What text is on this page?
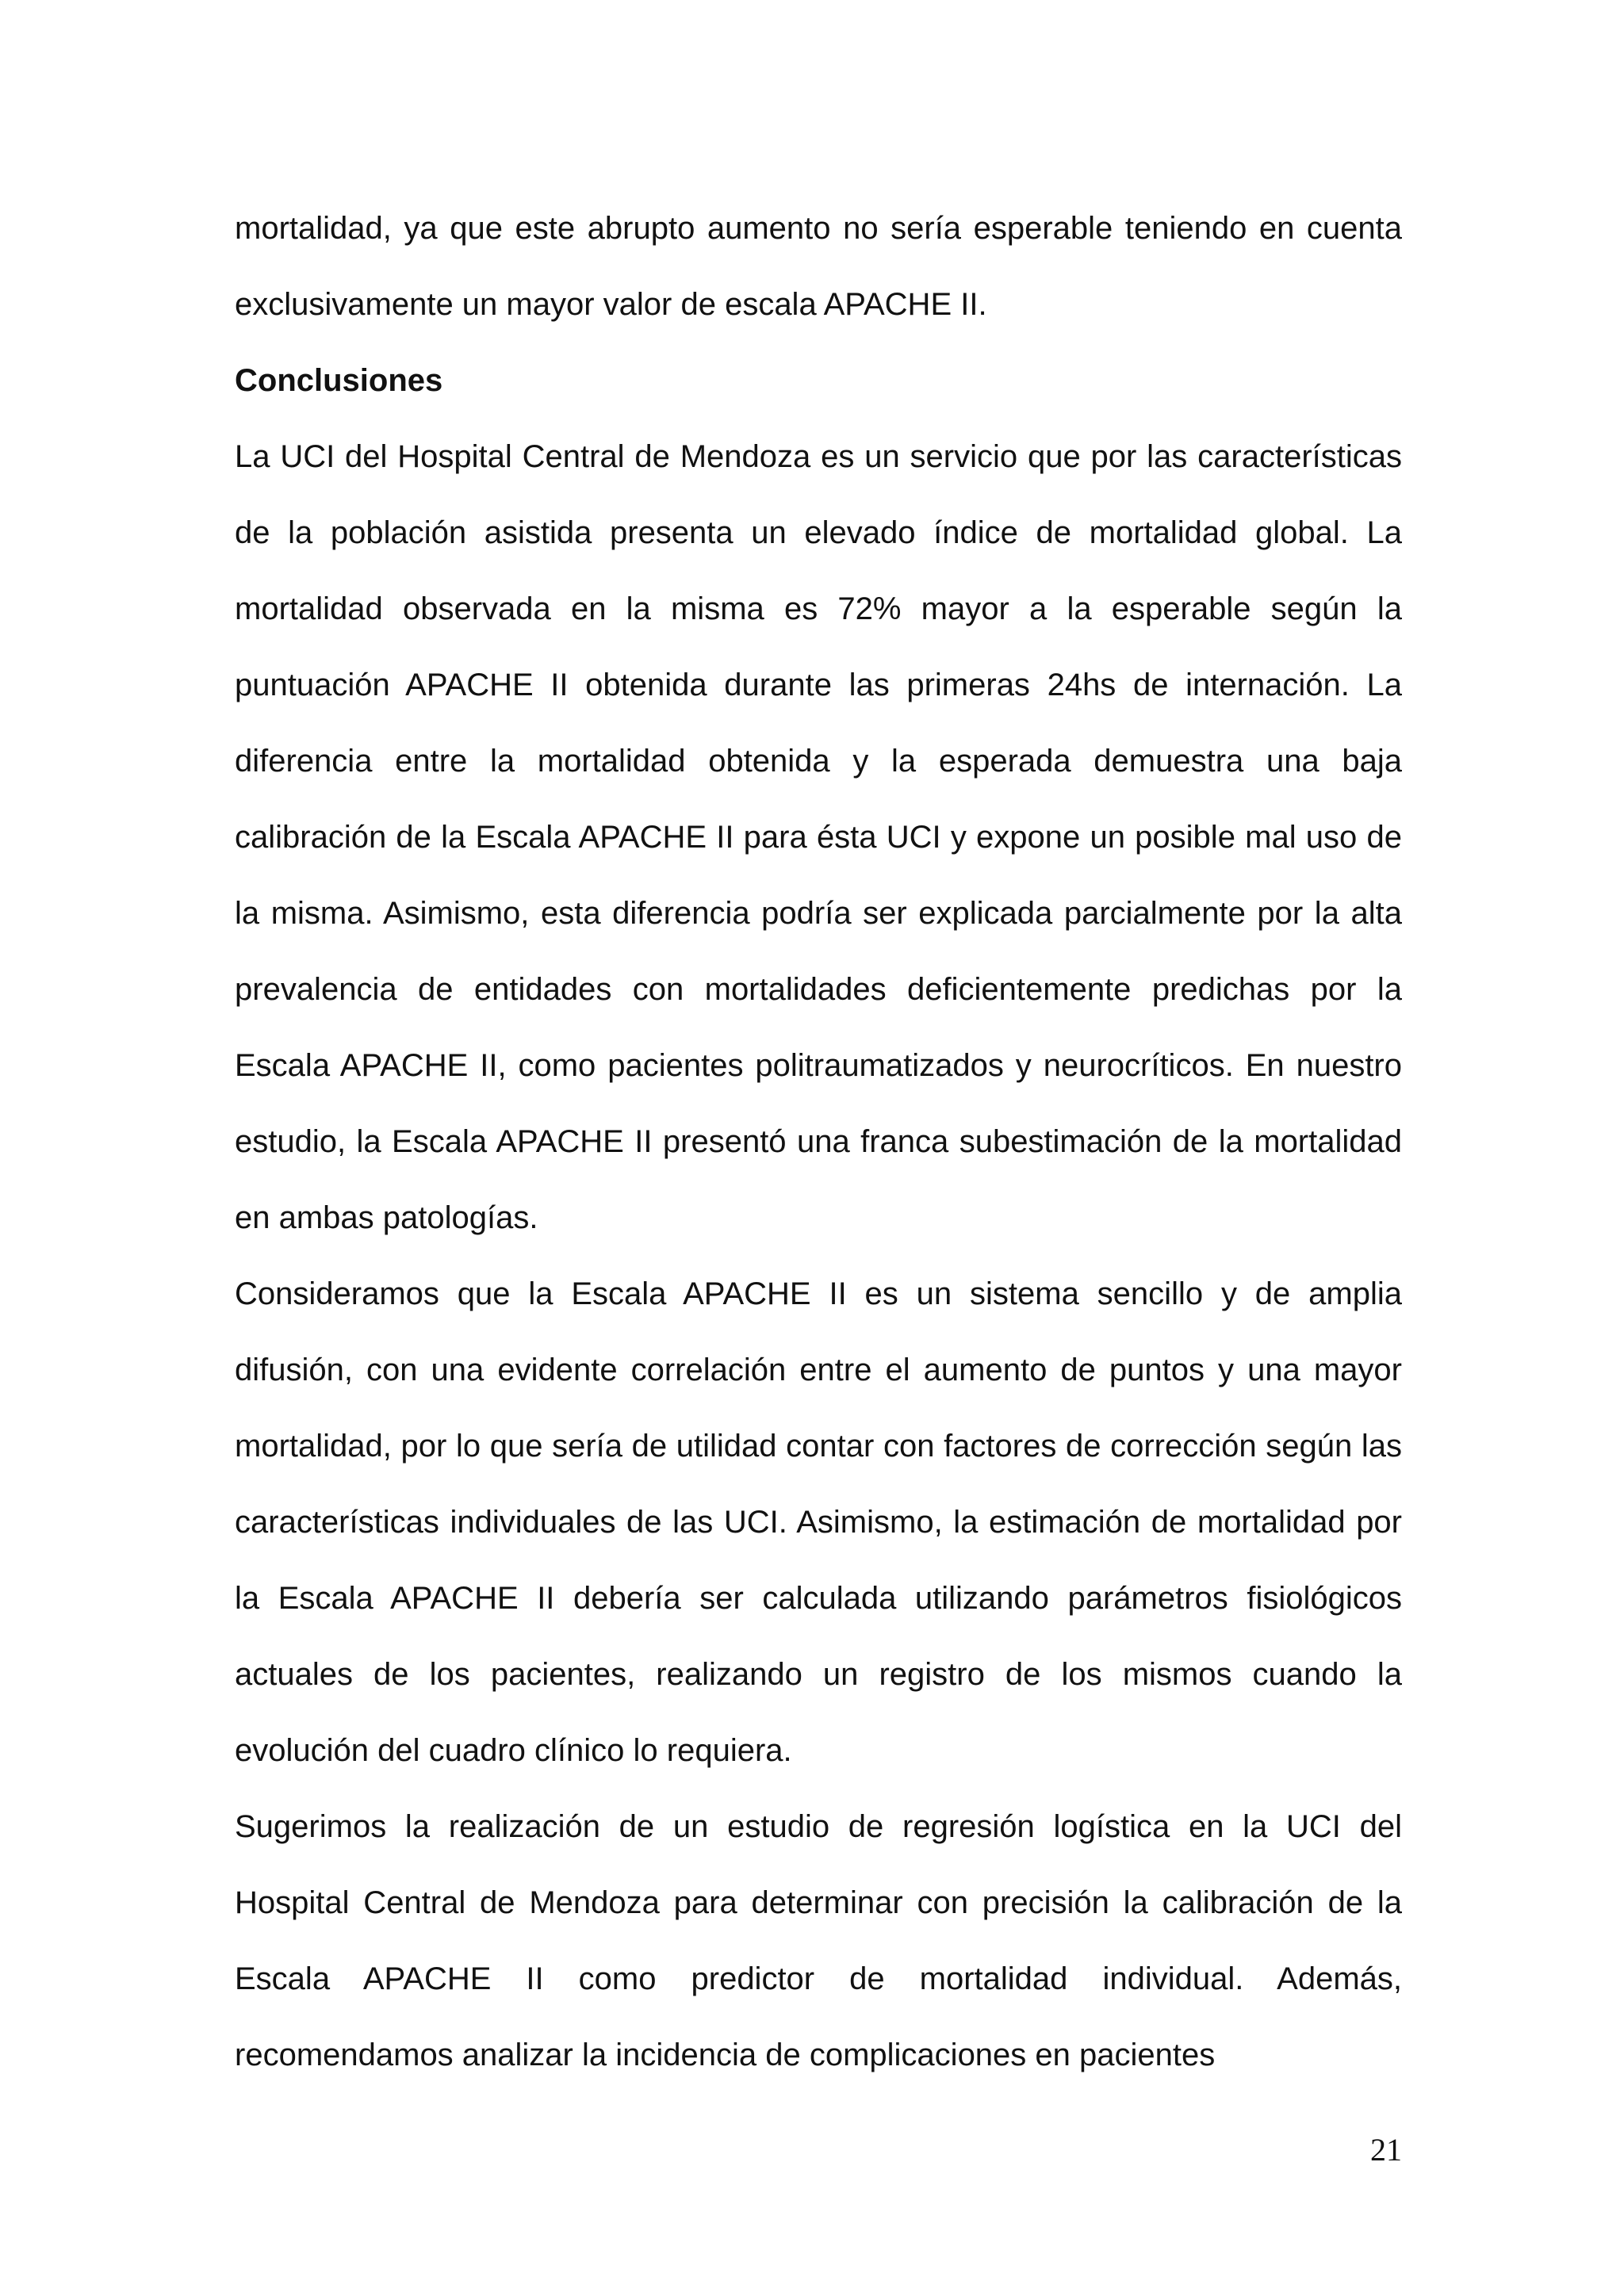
mortalidad, ya que este abrupto aumento no sería esperable teniendo en cuenta exclusivamente un mayor valor de escala APACHE II.

Conclusiones

La UCI del Hospital Central de Mendoza es un servicio que por las características de la población asistida presenta un elevado índice de mortalidad global. La mortalidad observada en la misma es 72% mayor a la esperable según la puntuación APACHE II obtenida durante las primeras 24hs de internación. La diferencia entre la mortalidad obtenida y la esperada demuestra una baja calibración de la Escala APACHE II para ésta UCI y expone un posible mal uso de la misma. Asimismo, esta diferencia podría ser explicada parcialmente por la alta prevalencia de entidades con mortalidades deficientemente predichas por la Escala APACHE II, como pacientes politraumatizados y neurocríticos. En nuestro estudio, la Escala APACHE II presentó una franca subestimación de la mortalidad en ambas patologías.

Consideramos que la Escala APACHE II es un sistema sencillo y de amplia difusión, con una evidente correlación entre el aumento de puntos y una mayor mortalidad, por lo que sería de utilidad contar con factores de corrección según las características individuales de las UCI. Asimismo, la estimación de mortalidad por la Escala APACHE II debería ser calculada utilizando parámetros fisiológicos actuales de los pacientes, realizando un registro de los mismos cuando la evolución del cuadro clínico lo requiera.

Sugerimos la realización de un estudio de regresión logística en la UCI del Hospital Central de Mendoza para determinar con precisión la calibración de la Escala APACHE II como predictor de mortalidad individual. Además, recomendamos analizar la incidencia de complicaciones en pacientes

21
